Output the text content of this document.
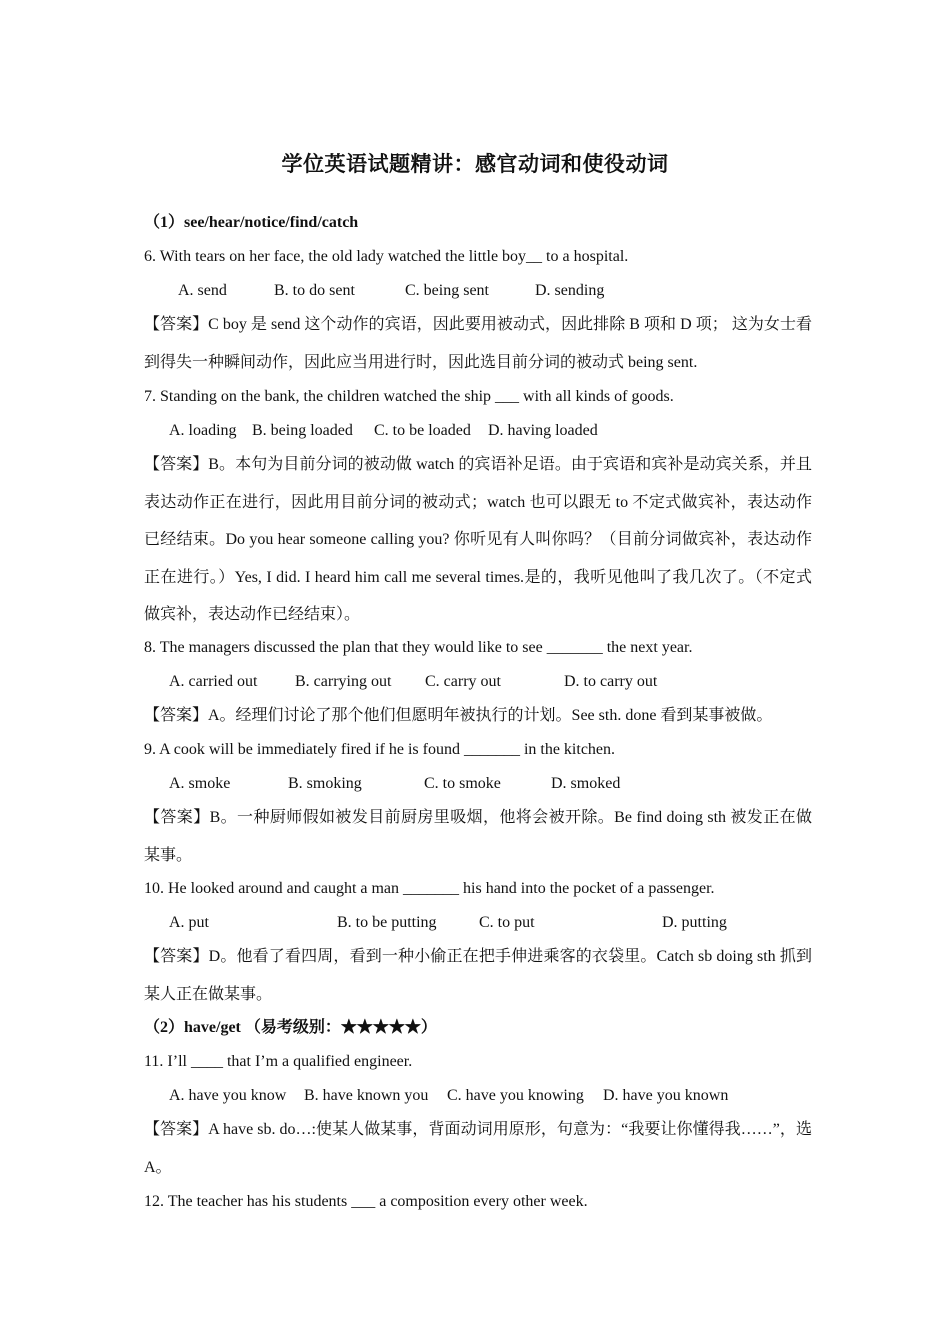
学位英语试题精讲：感官动词和使役动词
（1）see/hear/notice/find/catch
6. With tears on her face, the old lady watched the little boy__ to a hospital.
A. send	B. to do sent	C. being sent	D. sending
【答案】C boy 是 send 这个动作的宾语，因此要用被动式，因此排除 B 项和 D 项； 这为女士看到得失一种瞬间动作，因此应当用进行时，因此选目前分词的被动式 being sent.
7. Standing on the bank, the children watched the ship ___ with all kinds of goods.
A. loading B. being loaded C. to be loaded D. having loaded
【答案】B。本句为目前分词的被动做 watch 的宾语补足语。由于宾语和宾补是动宾关系，并且表达动作正在进行，因此用目前分词的被动式；watch 也可以跟无 to 不定式做宾补，表达动作已经结束。Do you hear someone calling you? 你听见有人叫你吗？（目前分词做宾补，表达动作正在进行。）Yes, I did. I heard him call me several times.是的，我听见他叫了我几次了。（不定式做宾补，表达动作已经结束）。
8. The managers discussed the plan that they would like to see _______ the next year.
A. carried out B. carrying out C. carry out	D. to carry out
【答案】A。经理们讨论了那个他们但愿明年被执行的计划。See sth. done 看到某事被做。
9. A cook will be immediately fired if he is found _______ in the kitchen.
A. smoke	B. smoking	C. to smoke	D. smoked
【答案】B。一种厨师假如被发目前厨房里吸烟，他将会被开除。Be find doing sth 被发正在做某事。
10. He looked around and caught a man _______ his hand into the pocket of a passenger.
A. put	B. to be putting	C. to put	D. putting
【答案】D。他看了看四周，看到一种小偷正在把手伸进乘客的衣袋里。Catch sb doing sth 抓到某人正在做某事。
（2）have/get （易考级别：★★★★★）
11. I’ll ____ that I’m a qualified engineer.
A. have you know B. have known you C. have you knowing D. have you known
【答案】A have sb. do…:使某人做某事，背面动词用原形，句意为：“我要让你懂得我……”，选 A。
12. The teacher has his students ___ a composition every other week.
